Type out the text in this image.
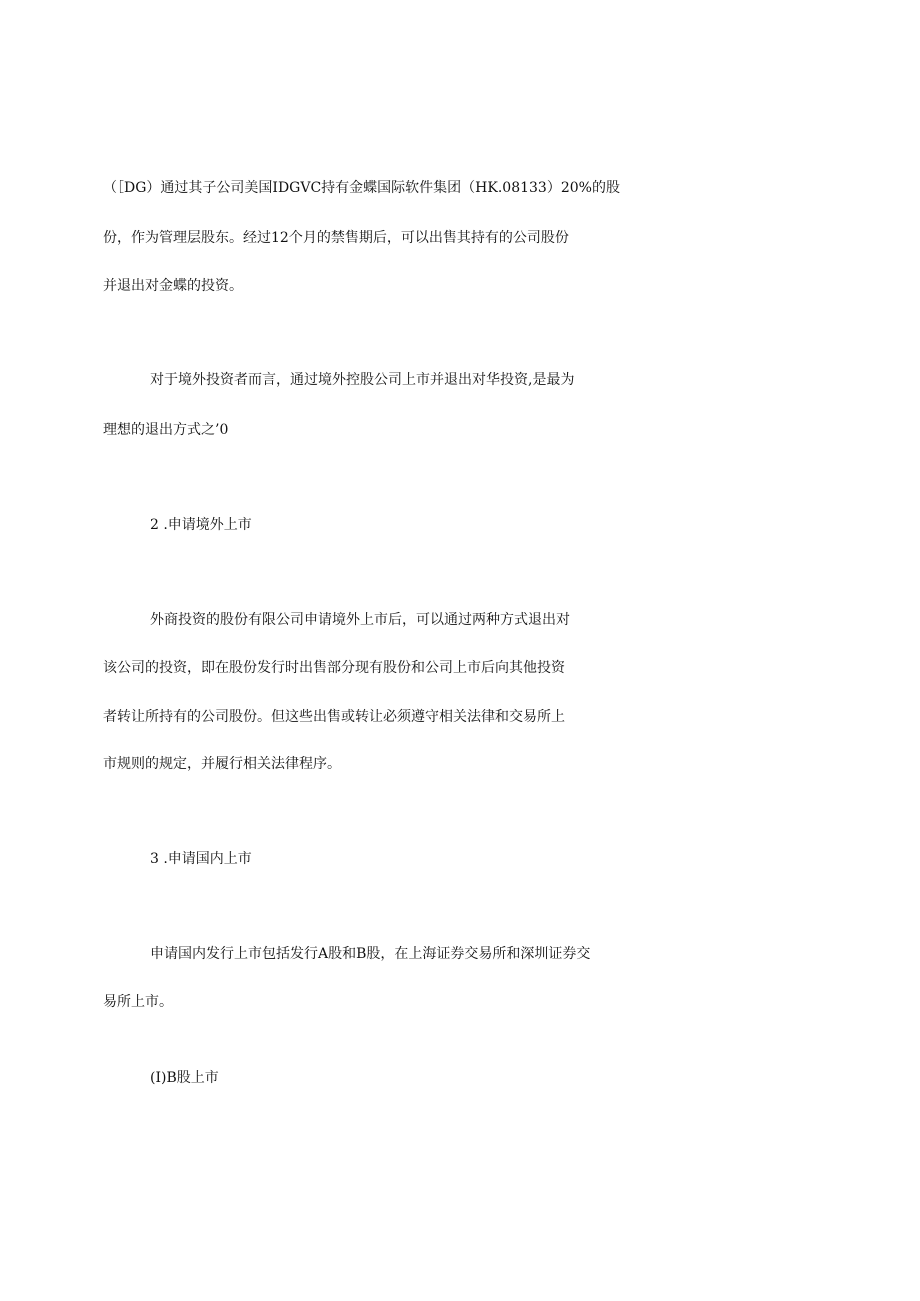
（［DG）通过其子公司美国IDGVC持有金蝶国际软件集团（HK.08133）20%的股
份，作为管理层股东。经过12个月的禁售期后，可以出售其持有的公司股份
并退出对金蝶的投资。
对于境外投资者而言，通过境外控股公司上市并退出对华投资,是最为
理想的退出方式之’0
2 .申请境外上市
外商投资的股份有限公司申请境外上市后，可以通过两种方式退出对
该公司的投资，即在股份发行时出售部分现有股份和公司上市后向其他投资
者转让所持有的公司股份。但这些出售或转让必须遵守相关法律和交易所上
市规则的规定，并履行相关法律程序。
3 .申请国内上市
申请国内发行上市包括发行A股和B股，在上海证券交易所和深圳证券交
易所上市。
(I)B股上市
